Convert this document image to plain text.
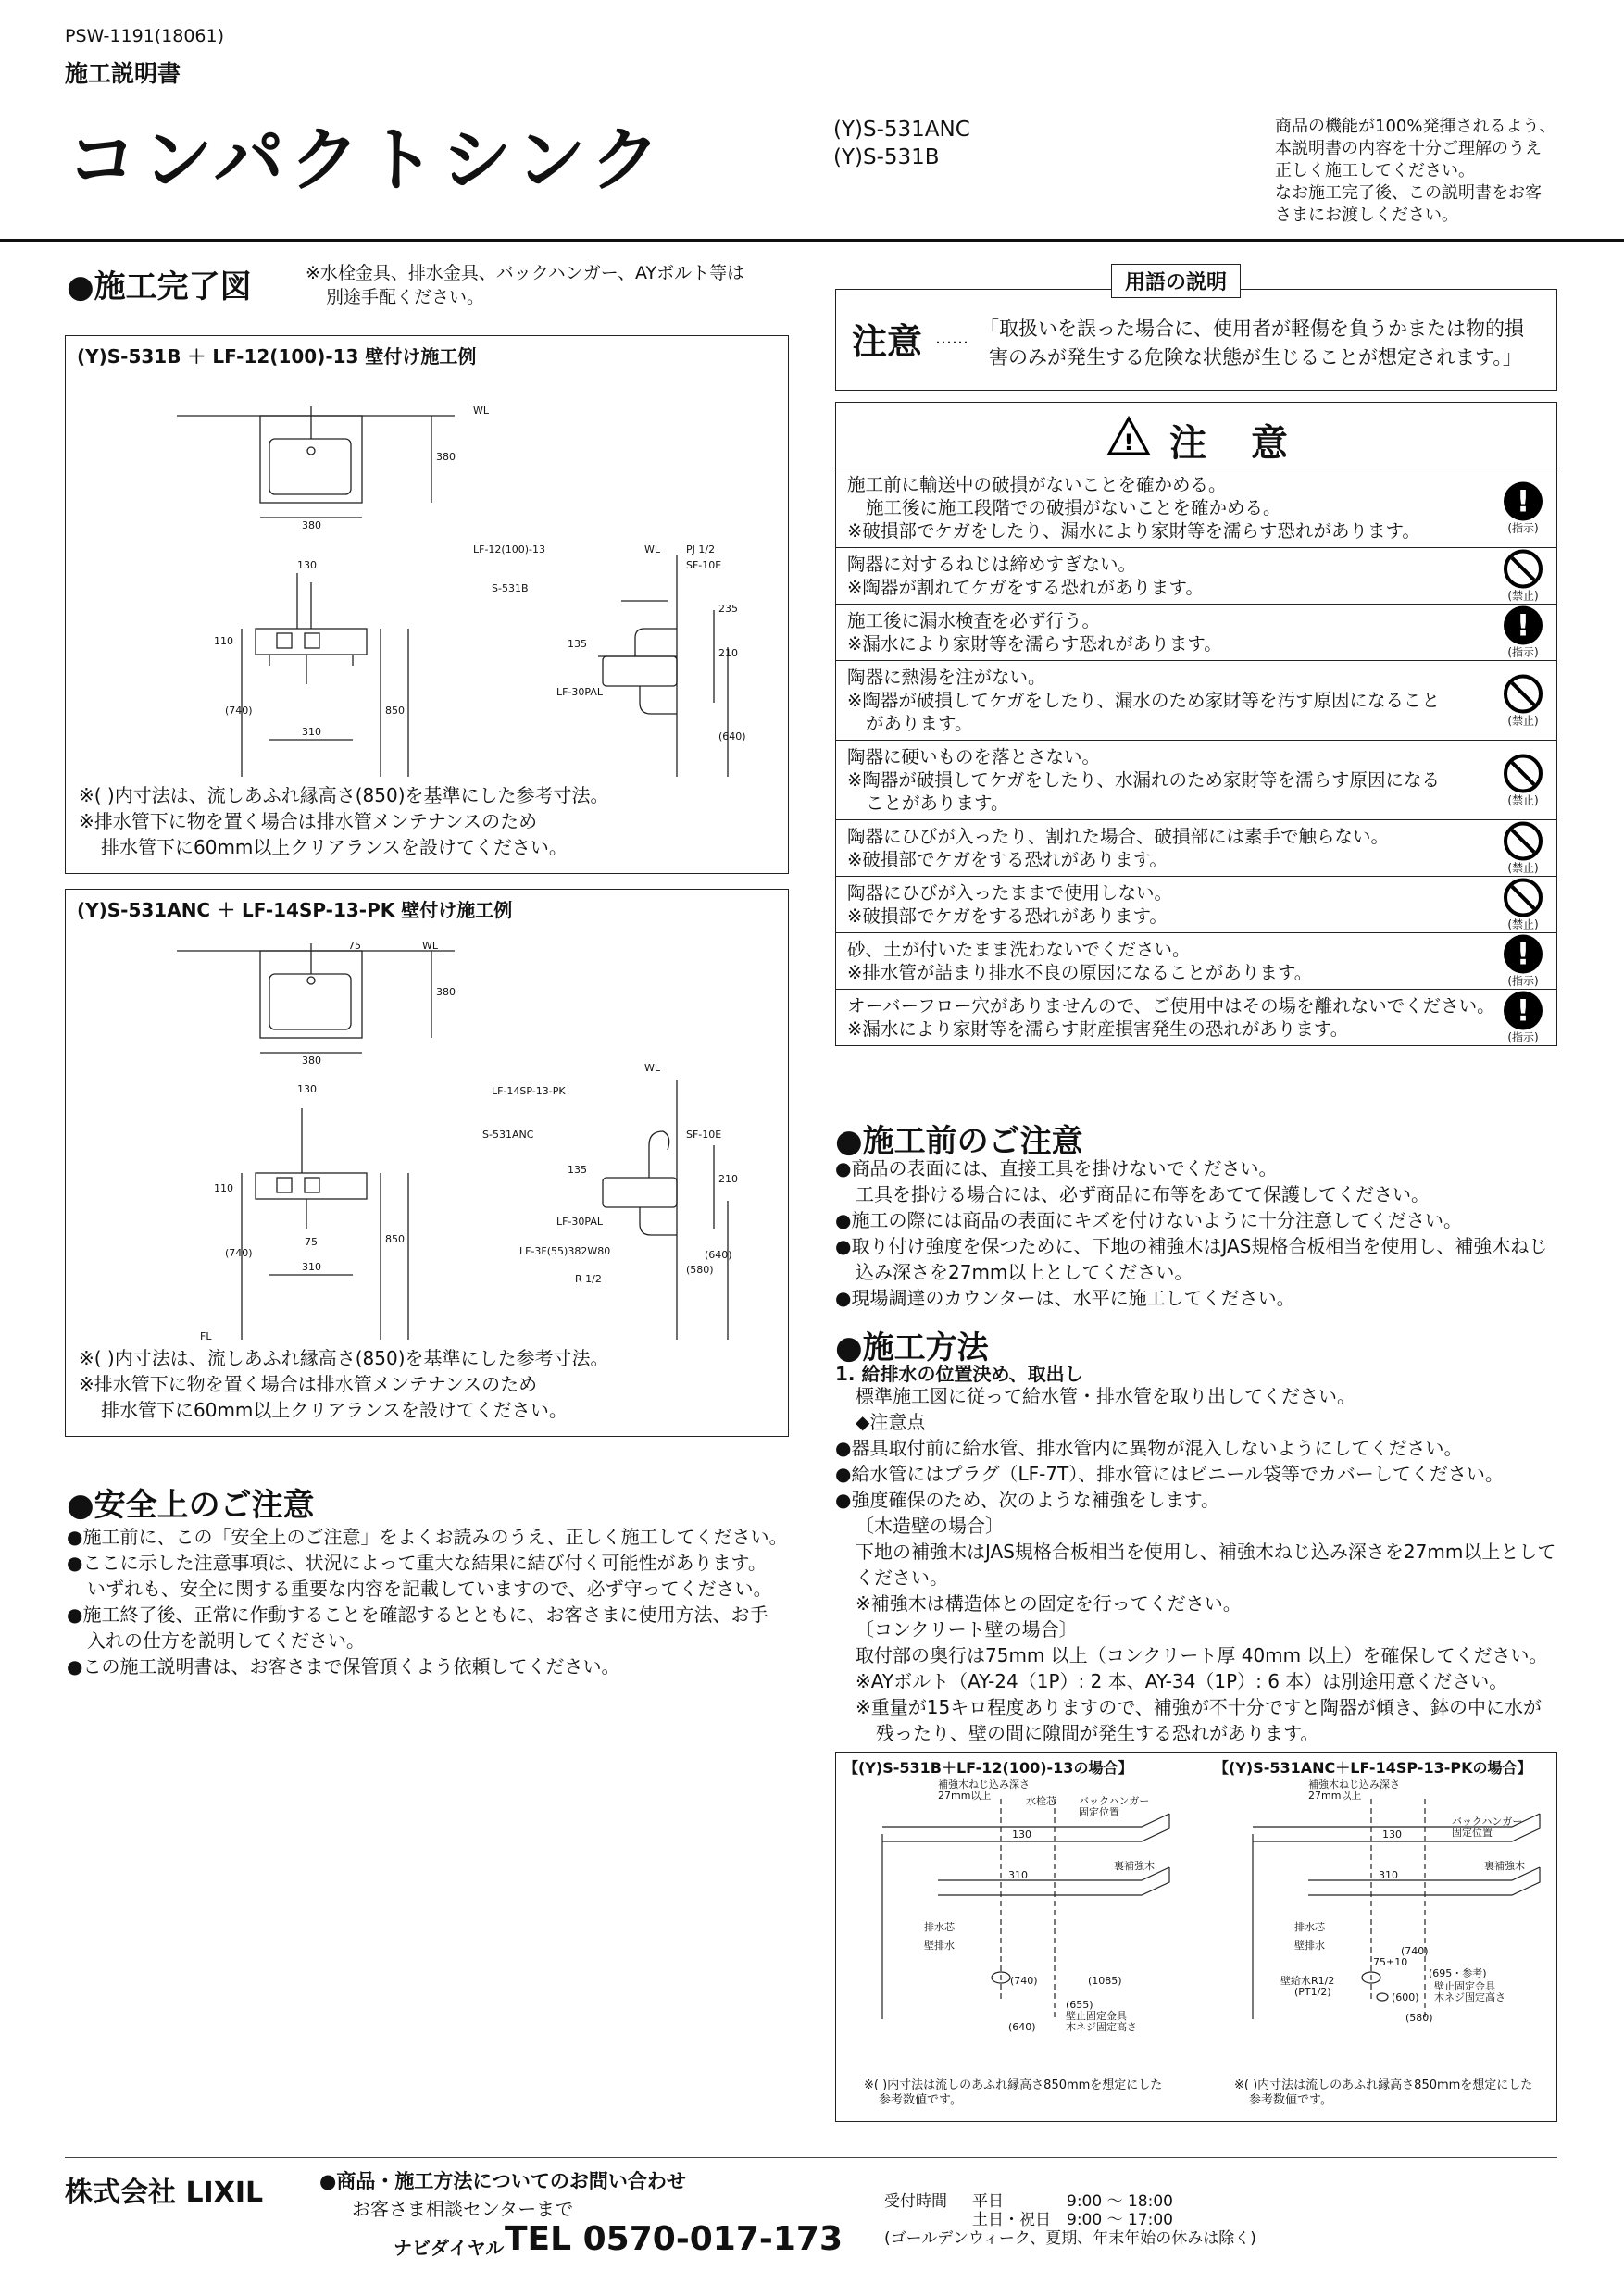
PSW-1191(18061)
施工説明書
コンパクトシンク	(Y)S-531ANC
(Y)S-531B
商品の機能が100%発揮されるよう、
本説明書の内容を十分ご理解のうえ
正しく施工してください。
なお施工完了後、この説明書をお客
さまにお渡しください。
●施工完了図	※水栓金具、排水金具、バックハンガー、AYボルト等は
別途手配ください。
(Y)S-531B ＋ LF-12(100)-13 壁付け施工例
WL
380
380
130
110
(740)	850
310
LF-12(100)-13	WL	PJ 1/2
SF-10E
S-531B
235
135
210
LF-30PAL
(640)
※( )内寸法は、流しあふれ縁高さ(850)を基準にした参考寸法。
※排水管下に物を置く場合は排水管メンテナンスのため
排水管下に60mm以上クリアランスを設けてください。
(Y)S-531ANC ＋ LF-14SP-13-PK 壁付け施工例
75	WL
380
380
130
110
(740)
850
310
75
FL
WL
LF-14SP-13-PK
S-531ANC	SF-10E
135
210
LF-30PAL
LF-3F(55)382W80
R 1/2
(640)
(580)
※( )内寸法は、流しあふれ縁高さ(850)を基準にした参考寸法。
※排水管下に物を置く場合は排水管メンテナンスのため
排水管下に60mm以上クリアランスを設けてください。
●安全上のご注意
●施工前に、この「安全上のご注意」をよくお読みのうえ、正しく施工してください。
●ここに示した注意事項は、状況によって重大な結果に結び付く可能性があります。
いずれも、安全に関する重要な内容を記載していますので、必ず守ってください。
●施工終了後、正常に作動することを確認するとともに、お客さまに使用方法、お手
入れの仕方を説明してください。
●この施工説明書は、お客さまで保管頂くよう依頼してください。
用語の説明
注意 …… 「取扱いを誤った場合に、使用者が軽傷を負うかまたは物的損
害のみが発生する危険な状態が生じることが想定されます。」
! 注　意
施工前に輸送中の破損がないことを確かめる。
施工後に施工段階での破損がないことを確かめる。
※破損部でケガをしたり、漏水により家財等を濡らす恐れがあります。
!
(指示)
陶器に対するねじは締めすぎない。
※陶器が割れてケガをする恐れがあります。	(禁止)
施工後に漏水検査を必ず行う。
※漏水により家財等を濡らす恐れがあります。
!
(指示)
陶器に熱湯を注がない。
※陶器が破損してケガをしたり、漏水のため家財等を汚す原因になること
があります。	(禁止)
陶器に硬いものを落とさない。
※陶器が破損してケガをしたり、水漏れのため家財等を濡らす原因になる
ことがあります。	(禁止)
陶器にひびが入ったり、割れた場合、破損部には素手で触らない。
※破損部でケガをする恐れがあります。	(禁止)
陶器にひびが入ったままで使用しない。
※破損部でケガをする恐れがあります。	(禁止)
砂、土が付いたまま洗わないでください。
※排水管が詰まり排水不良の原因になることがあります。
!
(指示)
オーバーフロー穴がありませんので、ご使用中はその場を離れないでください。
※漏水により家財等を濡らす財産損害発生の恐れがあります。
!
(指示)
●施工前のご注意
●商品の表面には、直接工具を掛けないでください。
工具を掛ける場合には、必ず商品に布等をあてて保護してください。
●施工の際には商品の表面にキズを付けないように十分注意してください。
●取り付け強度を保つために、下地の補強木はJAS規格合板相当を使用し、補強木ねじ
込み深さを27mm以上としてください。
●現場調達のカウンターは、水平に施工してください。
●施工方法
1. 給排水の位置決め、取出し
標準施工図に従って給水管・排水管を取り出してください。
◆注意点
●器具取付前に給水管、排水管内に異物が混入しないようにしてください。
●給水管にはプラグ（LF-7T）、排水管にはビニール袋等でカバーしてください。
●強度確保のため、次のような補強をします。
〔木造壁の場合〕
下地の補強木はJAS規格合板相当を使用し、補強木ねじ込み深さを27mm以上として
ください。
※補強木は構造体との固定を行ってください。
〔コンクリート壁の場合〕
取付部の奥行は75mm 以上（コンクリート厚 40mm 以上）を確保してください。
※AYボルト（AY-24（1P）: 2 本、AY-34（1P）: 6 本）は別途用意ください。
※重量が15キロ程度ありますので、補強が不十分ですと陶器が傾き、鉢の中に水が
残ったり、壁の間に隙間が発生する恐れがあります。
【(Y)S-531B＋LF-12(100)-13の場合】	【(Y)S-531ANC＋LF-14SP-13-PKの場合】
補強木ねじ込み深さ
27mm以上	水栓芯 バックハンガー
固定位置
130
310
裏補強木
排水芯
壁排水
(740)	(1085)
(655)
(640)
壁止固定金具
木ネジ固定高さ
補強木ねじ込み深さ
27mm以上
バックハンガー
固定位置
130
310
裏補強木
排水芯
壁排水
壁給水R1/2
(PT1/2)
75±10
(740)
(695・参考)
(600)
(580)
壁止固定金具
木ネジ固定高さ
※( )内寸法は流しのあふれ縁高さ850mmを想定にした
参考数値です。
※( )内寸法は流しのあふれ縁高さ850mmを想定にした
参考数値です。
株式会社 LIXIL	●商品・施工方法についてのお問い合わせ
お客さま相談センターまで
ナビダイヤル TEL 0570-017-173
受付時間 平日	9:00 〜 18:00
土日・祝日 9:00 〜 17:00
(ゴールデンウィーク、夏期、年末年始の休みは除く)
